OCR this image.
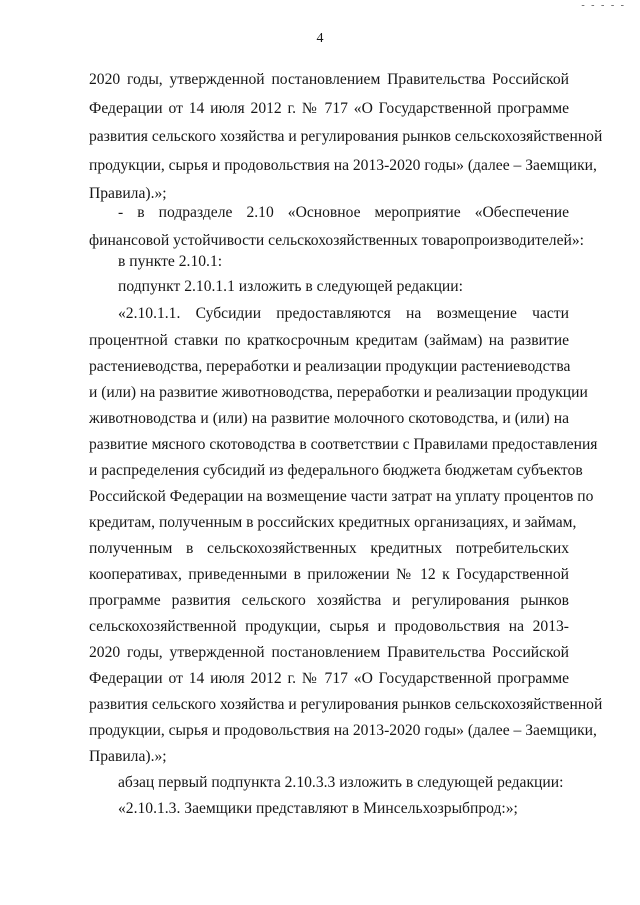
- - - - -
4
2020 годы, утвержденной постановлением Правительства Российской
Федерации от 14 июля 2012 г. № 717 «О Государственной программе
развития сельского хозяйства и регулирования рынков сельскохозяйственной
продукции, сырья и продовольствия на 2013-2020 годы» (далее – Заемщики,
Правила).»;
- в подразделе 2.10 «Основное мероприятие «Обеспечение
финансовой устойчивости сельскохозяйственных товаропроизводителей»:
в пункте 2.10.1:
подпункт 2.10.1.1 изложить в следующей редакции:
«2.10.1.1. Субсидии предоставляются на возмещение части
процентной ставки по краткосрочным кредитам (займам) на развитие
растениеводства, переработки и реализации продукции растениеводства
и (или) на развитие животноводства, переработки и реализации продукции
животноводства и (или) на развитие молочного скотоводства, и (или) на
развитие мясного скотоводства в соответствии с Правилами предоставления
и распределения субсидий из федерального бюджета бюджетам субъектов
Российской Федерации на возмещение части затрат на уплату процентов по
кредитам, полученным в российских кредитных организациях, и займам,
полученным в сельскохозяйственных кредитных потребительских
кооперативах, приведенными в приложении № 12 к Государственной
программе развития сельского хозяйства и регулирования рынков
сельскохозяйственной продукции, сырья и продовольствия на 2013-
2020 годы, утвержденной постановлением Правительства Российской
Федерации от 14 июля 2012 г. № 717 «О Государственной программе
развития сельского хозяйства и регулирования рынков сельскохозяйственной
продукции, сырья и продовольствия на 2013-2020 годы» (далее – Заемщики,
Правила).»;
абзац первый подпункта 2.10.3.3 изложить в следующей редакции:
«2.10.1.3. Заемщики представляют в Минсельхозрыбпрод:»;
